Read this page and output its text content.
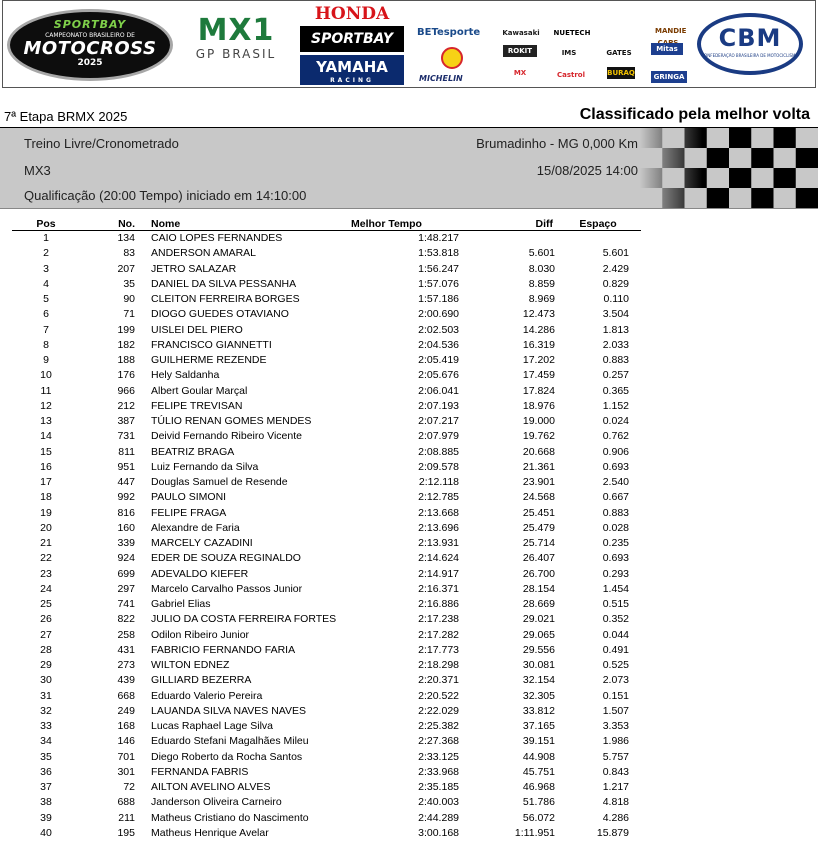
SPORTBAY
CAMPEONATO BRASILEIRO DE
MOTOCROSS
2025
MX1
GP BRASIL
HONDA
SPORTBAY
YAMAHA
RACING
BETesporte
MICHELIN
Kawasaki	NUETECH	MANDIE
ROKIT	IMS	GATES	Mitas
MX	Castrol	BURAQ	GRINGA
CBM
CONFEDERAÇÃO BRASILEIRA DE MOTOCICLISMO
7ª Etapa BRMX 2025	Classificado pela melhor volta
Treino Livre/Cronometrado
MX3
Qualificação (20:00 Tempo) iniciado em 14:10:00
Brumadinho - MG 0,000 Km
15/08/2025 14:00
Pos	No.	Nome	Melhor Tempo	Diff	Espaço
1	134	CAIO LOPES FERNANDES	1:48.217		
2	83	ANDERSON AMARAL	1:53.818	5.601	5.601
3	207	JETRO SALAZAR	1:56.247	8.030	2.429
4	35	DANIEL DA SILVA PESSANHA	1:57.076	8.859	0.829
5	90	CLEITON FERREIRA BORGES	1:57.186	8.969	0.110
6	71	DIOGO GUEDES OTAVIANO	2:00.690	12.473	3.504
7	199	UISLEI DEL PIERO	2:02.503	14.286	1.813
8	182	FRANCISCO GIANNETTI	2:04.536	16.319	2.033
9	188	GUILHERME REZENDE	2:05.419	17.202	0.883
10	176	Hely Saldanha	2:05.676	17.459	0.257
11	966	Albert Goular Marçal	2:06.041	17.824	0.365
12	212	FELIPE TREVISAN	2:07.193	18.976	1.152
13	387	TÚLIO RENAN GOMES MENDES	2:07.217	19.000	0.024
14	731	Deivid Fernando Ribeiro Vicente	2:07.979	19.762	0.762
15	811	BEATRIZ BRAGA	2:08.885	20.668	0.906
16	951	Luiz Fernando da Silva	2:09.578	21.361	0.693
17	447	Douglas Samuel de Resende	2:12.118	23.901	2.540
18	992	PAULO SIMONI	2:12.785	24.568	0.667
19	816	FELIPE FRAGA	2:13.668	25.451	0.883
20	160	Alexandre de Faria	2:13.696	25.479	0.028
21	339	MARCELY CAZADINI	2:13.931	25.714	0.235
22	924	EDER DE SOUZA REGINALDO	2:14.624	26.407	0.693
23	699	ADEVALDO KIEFER	2:14.917	26.700	0.293
24	297	Marcelo Carvalho Passos Junior	2:16.371	28.154	1.454
25	741	Gabriel Elias	2:16.886	28.669	0.515
26	822	JULIO DA COSTA FERREIRA FORTES	2:17.238	29.021	0.352
27	258	Odilon Ribeiro Junior	2:17.282	29.065	0.044
28	431	FABRICIO FERNANDO FARIA	2:17.773	29.556	0.491
29	273	WILTON EDNEZ	2:18.298	30.081	0.525
30	439	GILLIARD BEZERRA	2:20.371	32.154	2.073
31	668	Eduardo Valerio Pereira	2:20.522	32.305	0.151
32	249	LAUANDA SILVA NAVES NAVES	2:22.029	33.812	1.507
33	168	Lucas Raphael Lage Silva	2:25.382	37.165	3.353
34	146	Eduardo Stefani Magalhães Mileu	2:27.368	39.151	1.986
35	701	Diego Roberto da Rocha Santos	2:33.125	44.908	5.757
36	301	FERNANDA FABRIS	2:33.968	45.751	0.843
37	72	AILTON AVELINO ALVES	2:35.185	46.968	1.217
38	688	Janderson Oliveira Carneiro	2:40.003	51.786	4.818
39	211	Matheus Cristiano do Nascimento	2:44.289	56.072	4.286
40	195	Matheus Henrique Avelar	3:00.168	1:11.951	15.879
